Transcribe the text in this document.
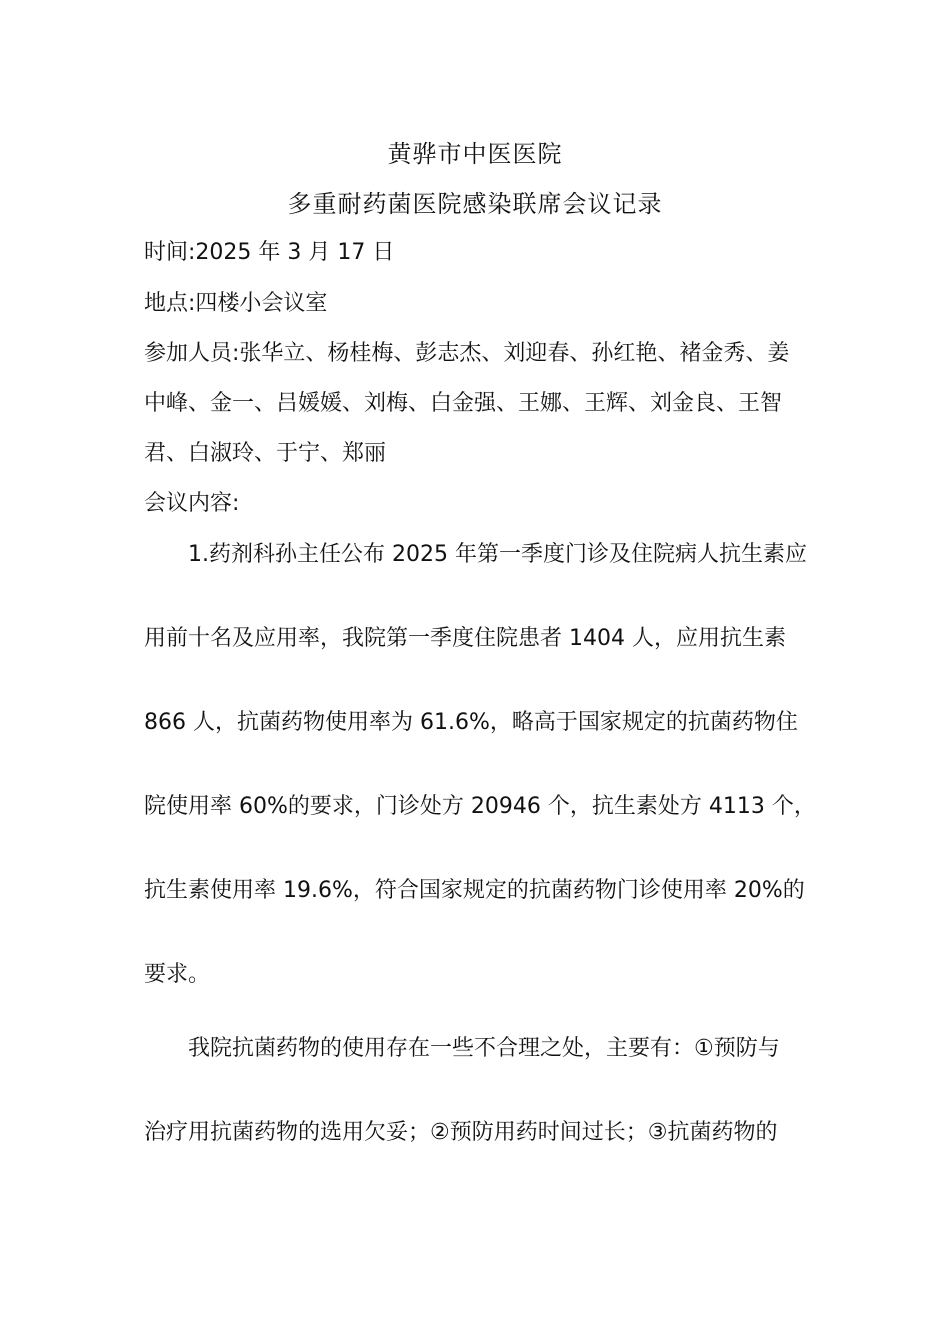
黄骅市中医医院
多重耐药菌医院感染联席会议记录
时间:2025 年 3 月 17 日
地点:四楼小会议室
参加人员:张华立、杨桂梅、彭志杰、刘迎春、孙红艳、褚金秀、姜
中峰、金一、吕媛媛、刘梅、白金强、王娜、王辉、刘金良、王智
君、白淑玲、于宁、郑丽
会议内容:
1.药剂科孙主任公布 2025 年第一季度门诊及住院病人抗生素应
用前十名及应用率，我院第一季度住院患者 1404 人，应用抗生素
866 人，抗菌药物使用率为 61.6%，略高于国家规定的抗菌药物住
院使用率 60%的要求，门诊处方 20946 个，抗生素处方 4113 个，
抗生素使用率 19.6%，符合国家规定的抗菌药物门诊使用率 20%的
要求。
我院抗菌药物的使用存在一些不合理之处，主要有：①预防与
治疗用抗菌药物的选用欠妥；②预防用药时间过长；③抗菌药物的
